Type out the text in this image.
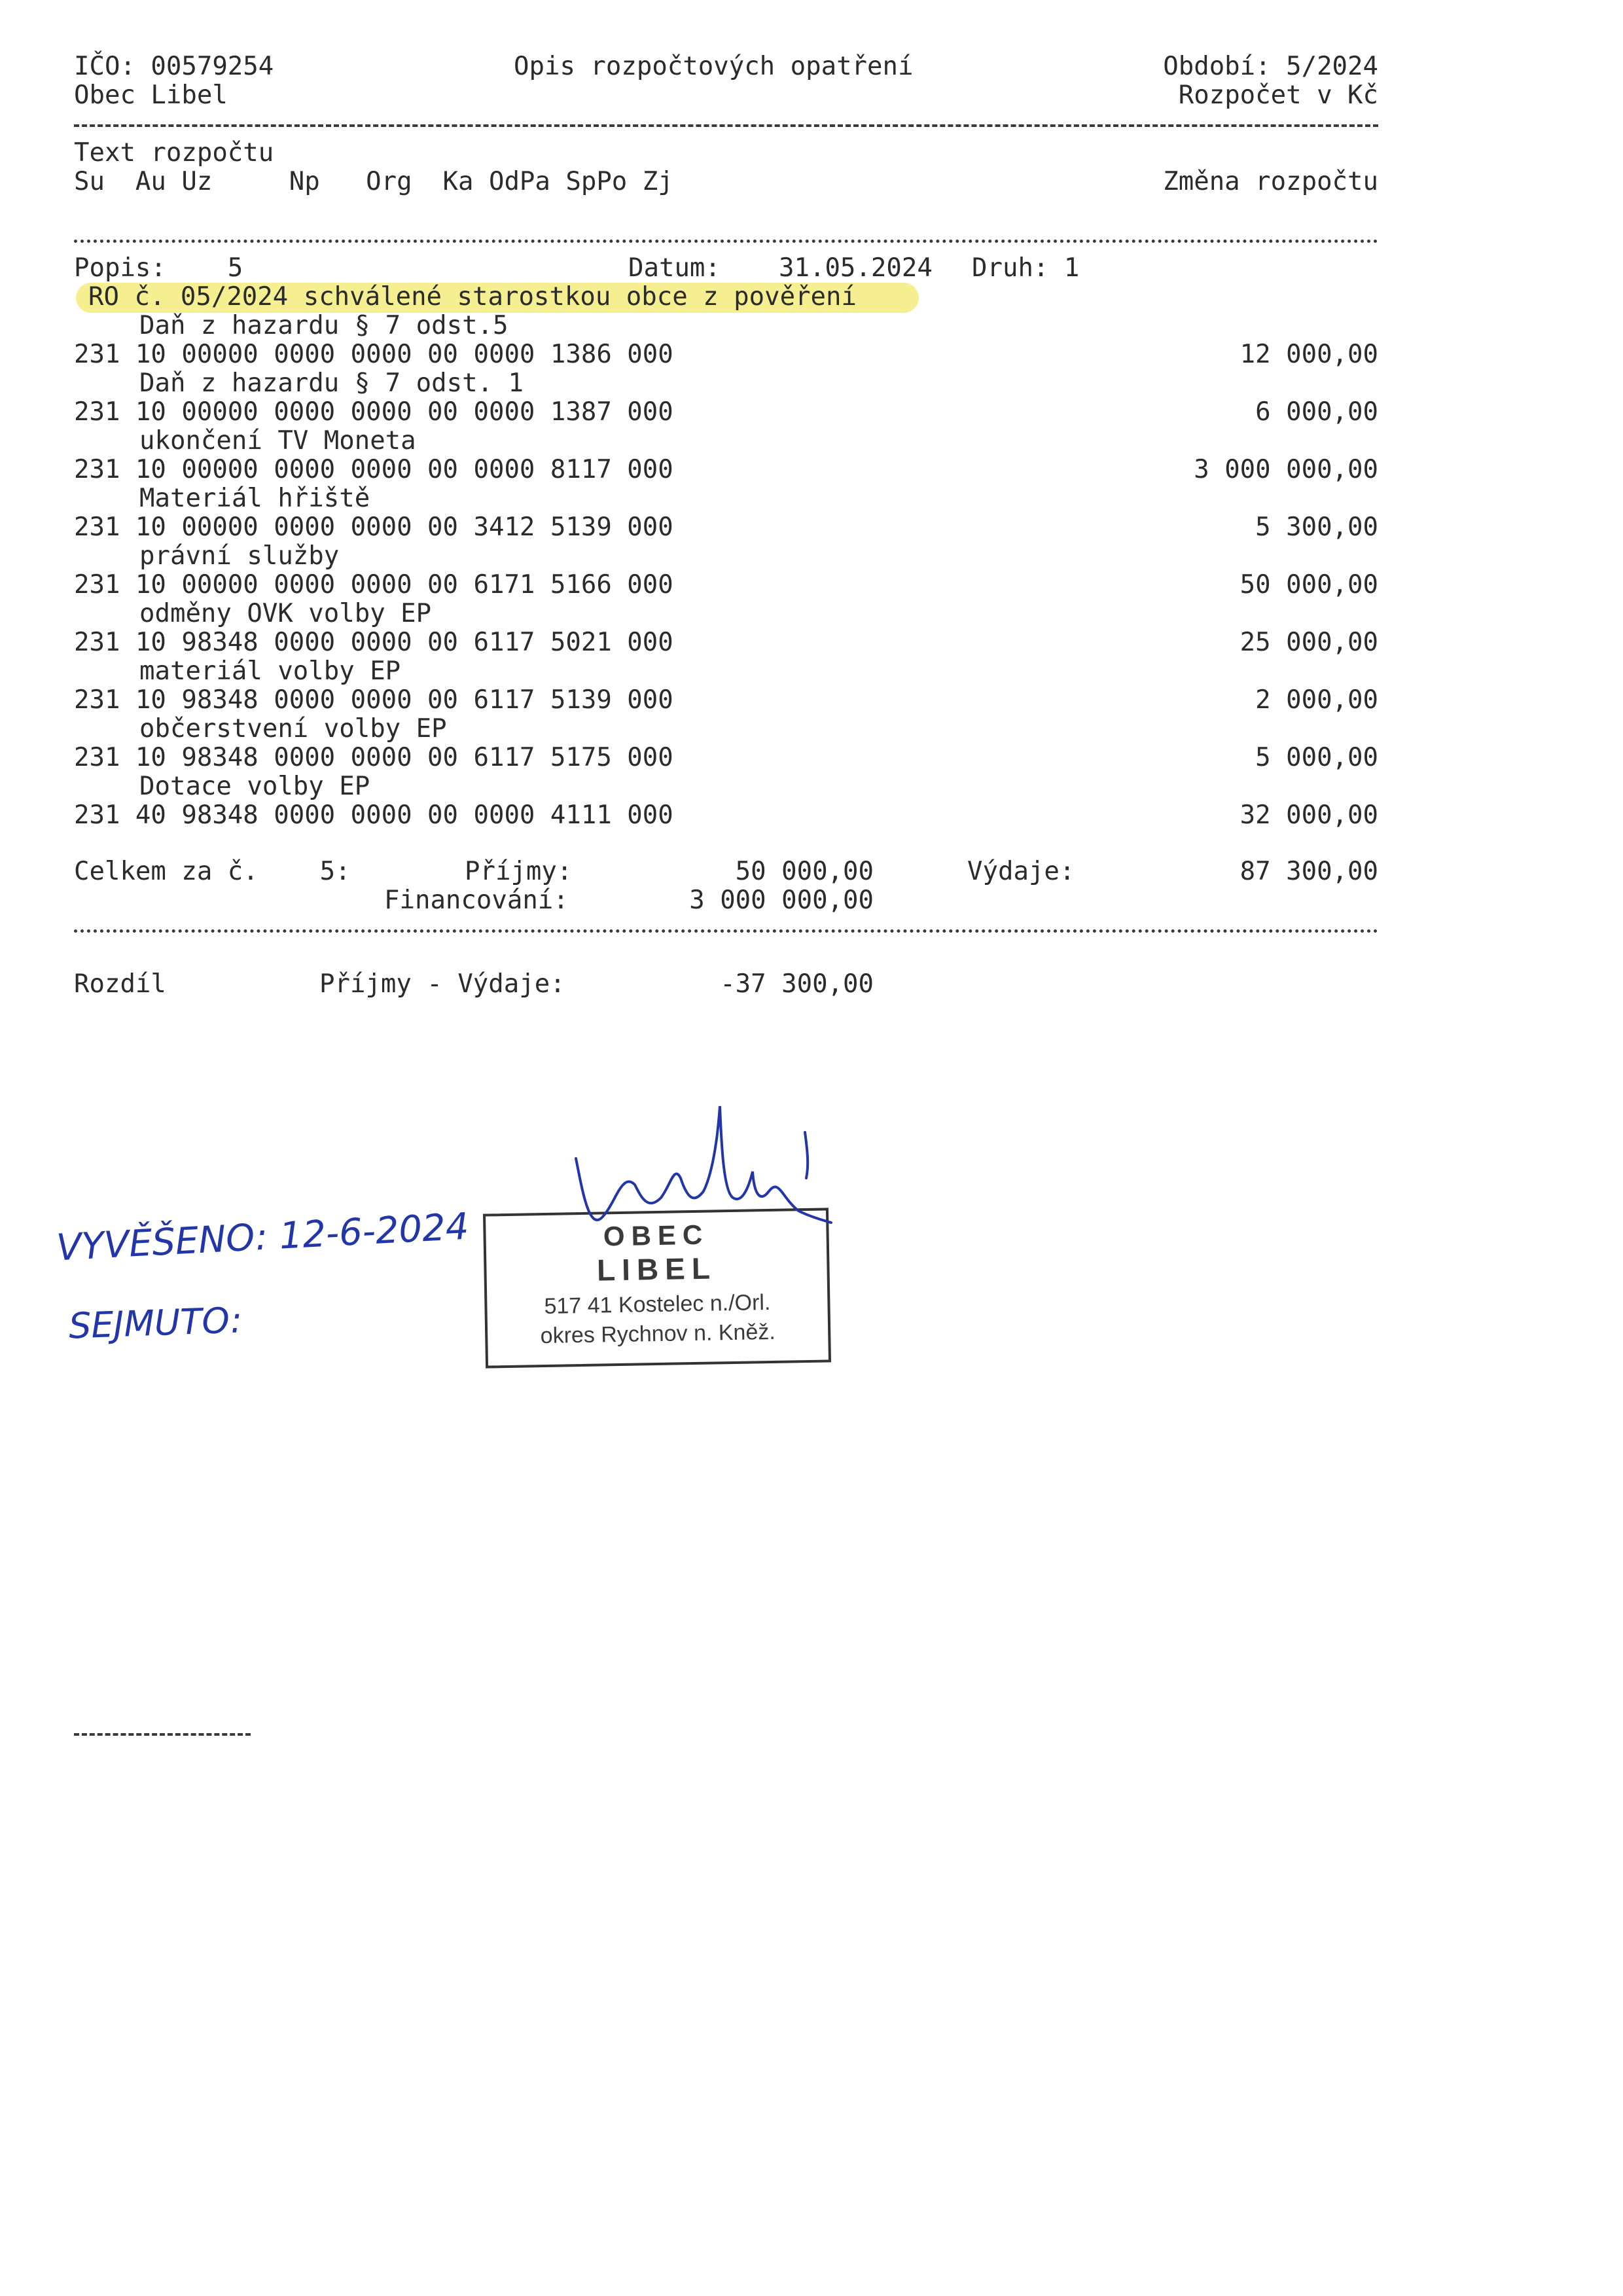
IČO: 00579254	Opis rozpočtových opatření	Období: 5/2024
Obec Libel	Rozpočet v Kč
Text rozpočtu
Su  Au Uz     Np   Org  Ka OdPa SpPo Zj	Změna rozpočtu
Popis:    5	Datum: 31.05.2024 Druh: 1
RO č. 05/2024 schválené starostkou obce z pověření
Daň z hazardu § 7 odst.5
231 10 00000 0000 0000 00 0000 1386 000	12 000,00
Daň z hazardu § 7 odst. 1
231 10 00000 0000 0000 00 0000 1387 000	6 000,00
ukončení TV Moneta
231 10 00000 0000 0000 00 0000 8117 000	3 000 000,00
Materiál hřiště
231 10 00000 0000 0000 00 3412 5139 000	5 300,00
právní služby
231 10 00000 0000 0000 00 6171 5166 000	50 000,00
odměny OVK volby EP
231 10 98348 0000 0000 00 6117 5021 000	25 000,00
materiál volby EP
231 10 98348 0000 0000 00 6117 5139 000	2 000,00
občerstvení volby EP
231 10 98348 0000 0000 00 6117 5175 000	5 000,00
Dotace volby EP
231 40 98348 0000 0000 00 0000 4111 000	32 000,00
Celkem za č.    5:	Příjmy:	50 000,00	Výdaje:	87 300,00
Financování:	3 000 000,00
Rozdíl	Příjmy - Výdaje:	-37 300,00
VYVĚŠENO: 12-6-2024
SEJMUTO:
OBEC
LIBEL
517 41 Kostelec n./Orl.
okres Rychnov n. Kněž.
